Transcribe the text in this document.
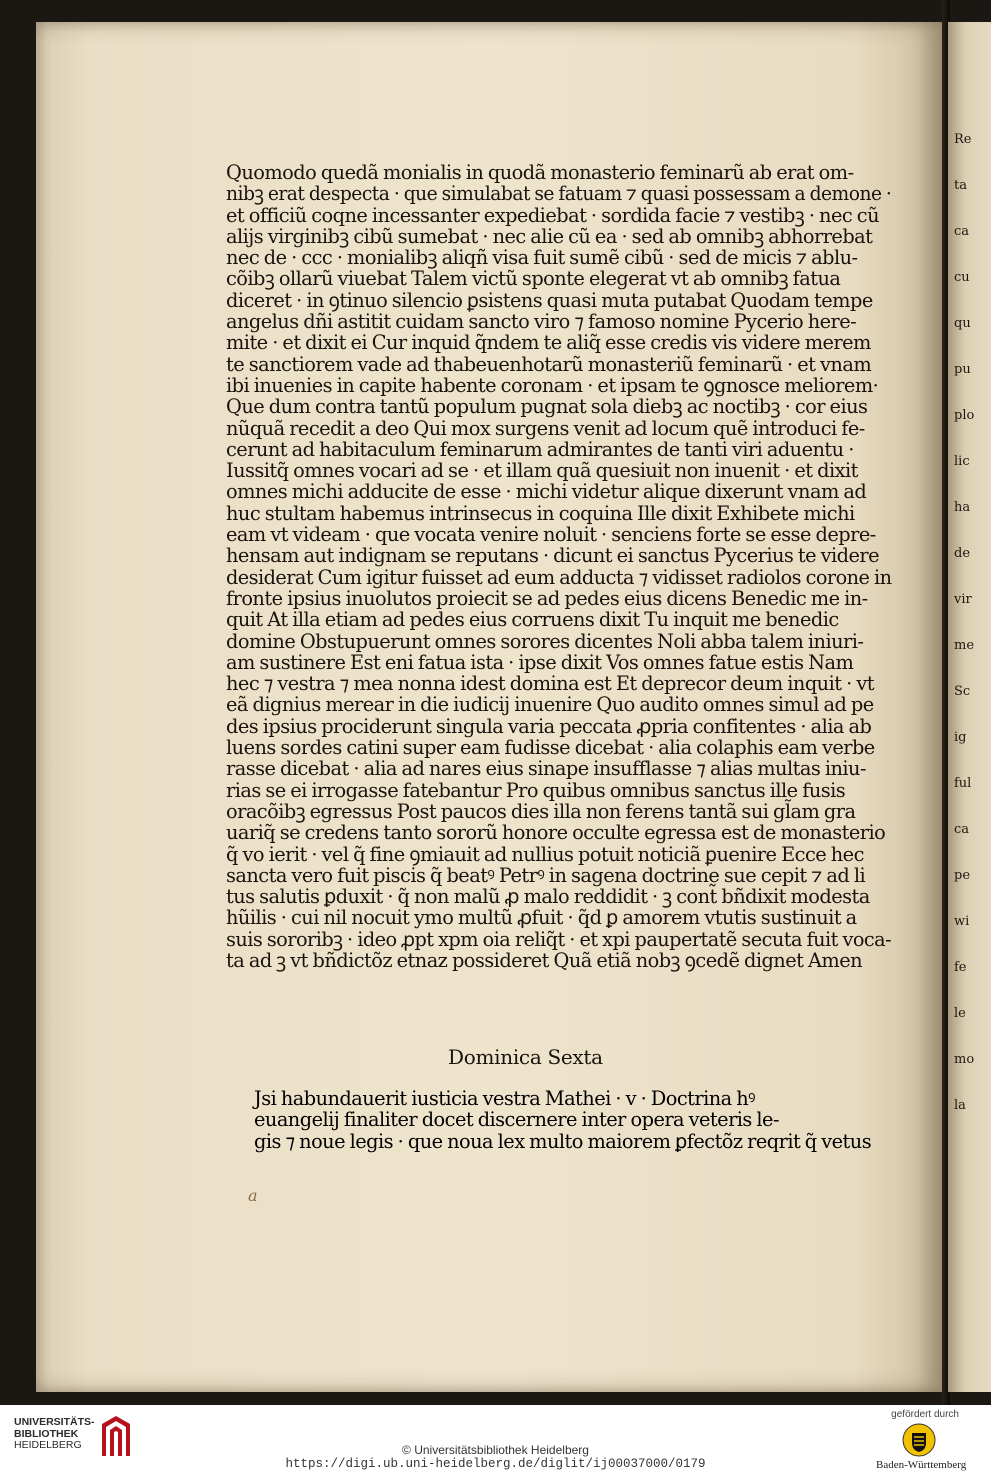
Quomodo quedã monialis in quodã monasterio feminarũ ab erat om-
nibꝫ erat despecta · que simulabat se fatuam ⁊ quasi possessam a demone ·
et officiũ coqne incessanter expediebat · sordida facie ⁊ vestibꝫ · nec cũ
alijs virginibꝫ cibũ sumebat · nec alie cũ ea · sed ab omnibꝫ abhorrebat
nec de · ccc · monialibꝫ aliqñ visa fuit sumẽ cibũ · sed de micis ⁊ ablu-
cõibꝫ ollarũ viuebat Talem victũ sponte elegerat vt ab omnibꝫ fatua
diceret · in ꝯtinuo silencio ꝑsistens quasi muta putabat Quodam tempe
angelus dñi astitit cuidam sancto viro ⁊ famoso nomine Pycerio here-
mite · et dixit ei Cur inquid q̃ndem te aliq̃ esse credis vis videre merem
te sanctiorem vade ad thabeuenhotarũ monasteriũ feminarũ · et vnam
ibi inuenies in capite habente coronam · et ipsam te ꝯgnosce meliorem·
Que dum contra tantũ populum pugnat sola diebꝫ ac noctibꝫ · cor eius
nũquã recedit a deo Qui mox surgens venit ad locum quẽ introduci fe-
cerunt ad habitaculum feminarum admirantes de tanti viri aduentu ·
Iussitq̃ omnes vocari ad se · et illam quã quesiuit non inuenit · et dixit
omnes michi adducite de esse · michi videtur alique dixerunt vnam ad
huc stultam habemus intrinsecus in coquina Ille dixit Exhibete michi
eam vt videam · que vocata venire noluit · senciens forte se esse depre-
hensam aut indignam se reputans · dicunt ei sanctus Pycerius te videre
desiderat Cum igitur fuisset ad eum adducta ⁊ vidisset radiolos corone in
fronte ipsius inuolutos proiecit se ad pedes eius dicens Benedic me in-
quit At illa etiam ad pedes eius corruens dixit Tu inquit me benedic
domine Obstupuerunt omnes sorores dicentes Noli abba talem iniuri-
am sustinere Est eni fatua ista · ipse dixit Vos omnes fatue estis Nam
hec ⁊ vestra ⁊ mea nonna idest domina est Et deprecor deum inquit · vt
eã dignius merear in die iudicij inuenire Quo audito omnes simul ad pe
des ipsius prociderunt singula varia peccata ꝓpria confitentes · alia ab
luens sordes catini super eam fudisse dicebat · alia colaphis eam verbe
rasse dicebat · alia ad nares eius sinape insufflasse ⁊ alias multas iniu-
rias se ei irrogasse fatebantur Pro quibus omnibus sanctus ille fusis
oracõibꝫ egressus Post paucos dies illa non ferens tantã sui gl̃am gra
uariq̃ se credens tanto sororũ honore occulte egressa est de monasterio
q̃ vo ierit · vel q̃ fine ꝯmiauit ad nullius potuit noticiã ꝑuenire Ecce hec
sancta vero fuit piscis q̃ beatꝰ Petrꝰ in sagena doctrine sue cepit ⁊ ad li
tus salutis ꝑduxit · q̃ non malũ ꝓ malo reddidit · ꝫ cont̃ bñdixit modesta
hũilis · cui nil nocuit ymo multũ ꝓfuit · q̃d ꝑ amorem vtutis sustinuit a
suis sororibꝫ · ideo ꝓpt xpm oia reliq̃t · et xpi paupertatẽ secuta fuit voca-
ta ad ꝫ vt bñdictõz etnaz possideret Quã etiã nobꝫ ꝯcedẽ dignet Amen
Dominica Sexta
Jsi habundauerit iusticia vestra Mathei · v · Doctrina hꝰ
euangelij finaliter docet discernere inter opera veteris le-
gis ⁊ noue legis · que noua lex multo maiorem ꝑfectõz reqrit q̃ vetus
a
Re
ta
ca
cu
qu
pu
plo
lic
ha
de
vir
me
Sc
ig
ful
ca
pe
wi
fe
le
mo
la
UNIVERSITÄTS-
BIBLIOTHEK
HEIDELBERG	© Universitätsbibliothek Heidelberg
https://digi.ub.uni-heidelberg.de/diglit/ij00037000/0179
gefördert durch
Baden-Württemberg
